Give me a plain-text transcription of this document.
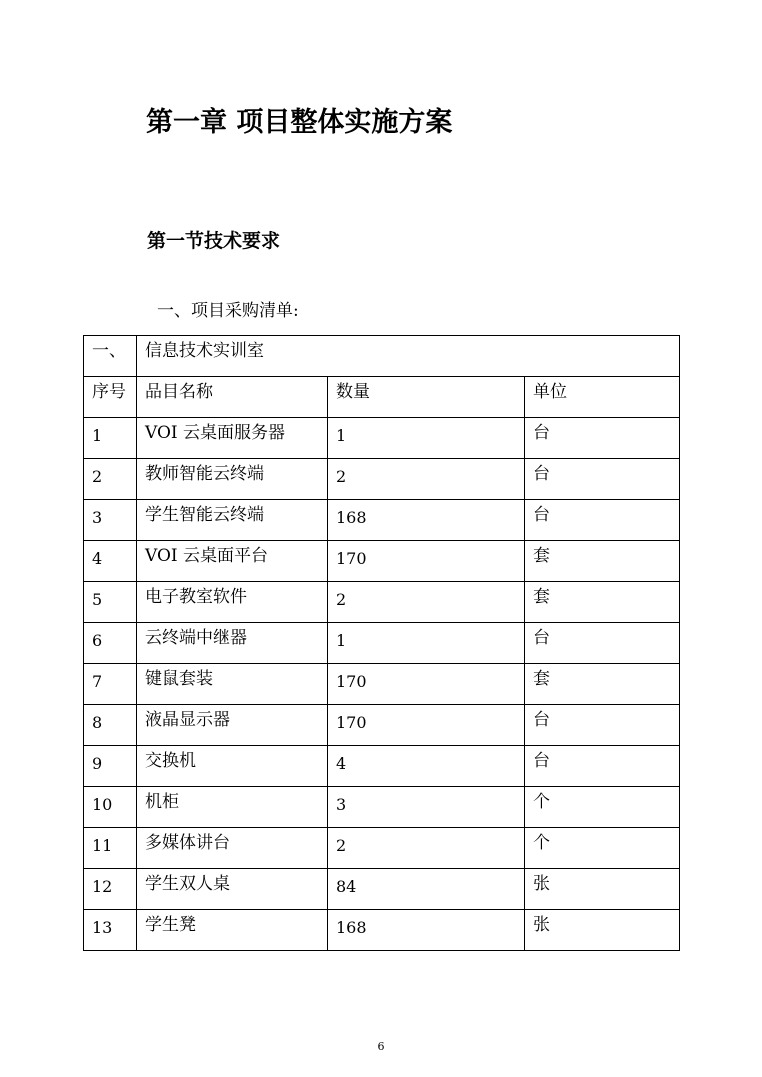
第一章 项目整体实施方案
第一节技术要求
一、项目采购清单:
一、	信息技术实训室		
序号	品目名称	数量	单位
1	VOI 云桌面服务器	1	台
2	教师智能云终端	2	台
3	学生智能云终端	168	台
4	VOI 云桌面平台	170	套
5	电子教室软件	2	套
6	云终端中继器	1	台
7	键鼠套装	170	套
8	液晶显示器	170	台
9	交换机	4	台
10	机柜	3	个
11	多媒体讲台	2	个
12	学生双人桌	84	张
13	学生凳	168	张
6
